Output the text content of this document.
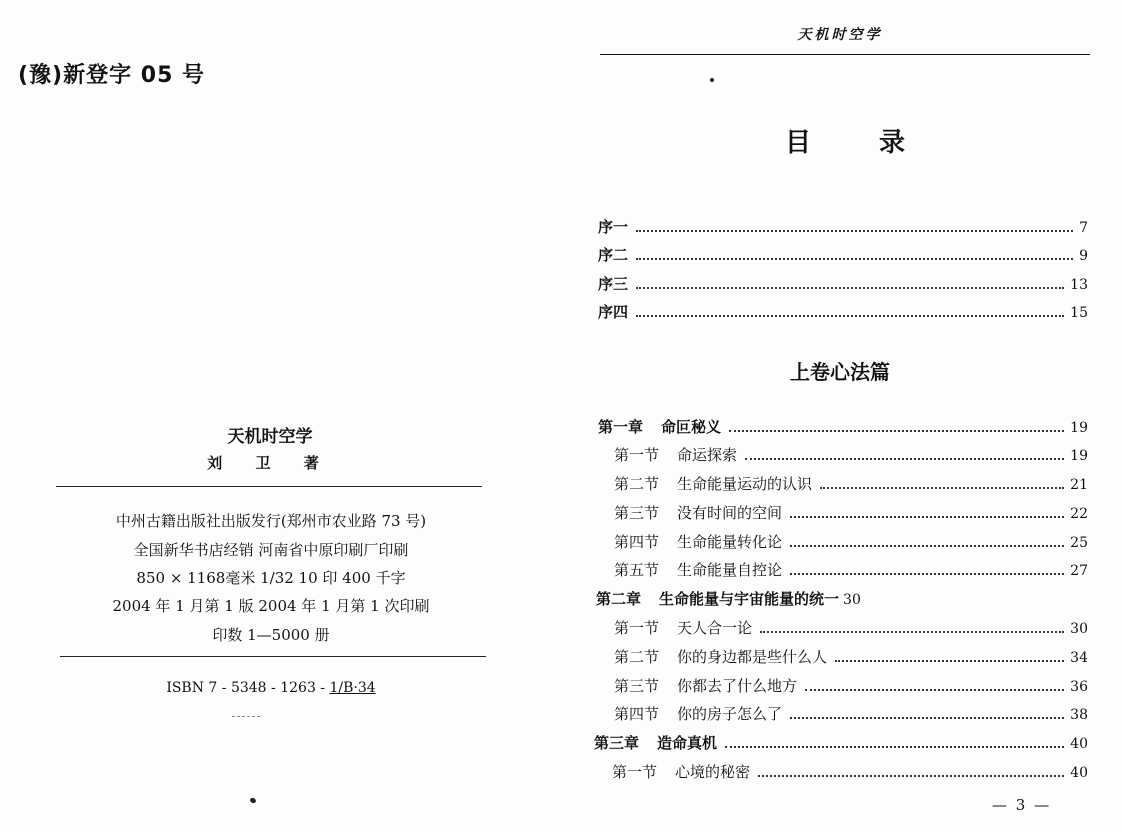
(豫)新登字 05 号
天机时空学
刘 卫 著
中州古籍出版社出版发行(郑州市农业路 73 号)
全国新华书店经销 河南省中原印刷厂印刷
850 × 1168毫米 1/32 10 印 400 千字
2004 年 1 月第 1 版 2004 年 1 月第 1 次印刷
印数 1—5000 册
ISBN 7 - 5348 - 1263 - 1/B·34
天机时空学
目	录
序一	7
序二	9
序三	13
序四	15
上卷心法篇
第一章 命叵秘义	19
第一节 命运探索	19
第二节 生命能量运动的认识	21
第三节 没有时间的空间	22
第四节 生命能量转化论	25
第五节 生命能量自控论	27
第二章 生命能量与宇宙能量的统一 30
第一节 天人合一论	30
第二节 你的身边都是些什么人	34
第三节 你都去了什么地方	36
第四节 你的房子怎么了	38
第三章 造命真机	40
第一节 心境的秘密	40
— 3 —
